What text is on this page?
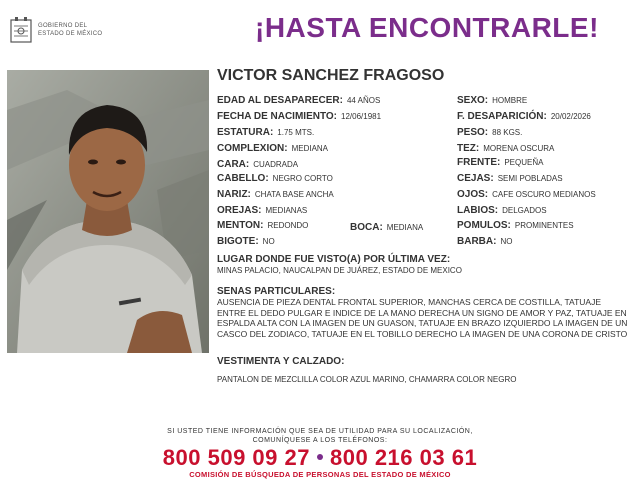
GOBIERNO DEL
ESTADO DE MÉXICO	¡HASTA ENCONTRARLE!
VICTOR SANCHEZ FRAGOSO
EDAD AL DESAPARECER: 44 AÑOS
FECHA DE NACIMIENTO: 12/06/1981
ESTATURA: 1.75 MTS.
COMPLEXION: MEDIANA
CARA: CUADRADA
CABELLO: NEGRO CORTO
NARIZ: CHATA BASE ANCHA
OREJAS: MEDIANAS
MENTON: REDONDO	BOCA: MEDIANA
BIGOTE: NO
SEXO: HOMBRE
F. DESAPARICIÓN: 20/02/2026
PESO: 88 KGS.
TEZ: MORENA OSCURA
FRENTE: PEQUEÑA
CEJAS: SEMI POBLADAS
OJOS: CAFE OSCURO MEDIANOS
LABIOS: DELGADOS
POMULOS: PROMINENTES
BARBA: NO
LUGAR DONDE FUE VISTO(A) POR ÚLTIMA VEZ:
MINAS PALACIO, NAUCALPAN DE JUÁREZ, ESTADO DE MEXICO
SENAS PARTICULARES:
AUSENCIA DE PIEZA DENTAL FRONTAL SUPERIOR, MANCHAS CERCA DE COSTILLA, TATUAJE ENTRE EL DEDO PULGAR E INDICE DE LA MANO DERECHA UN SIGNO DE AMOR Y PAZ, TATUAJE EN ESPALDA ALTA CON LA IMAGEN DE UN GUASON, TATUAJE EN BRAZO IZQUIERDO LA IMAGEN DE UN CASCO DEL ZODIACO, TATUAJE EN EL TOBILLO DERECHO LA IMAGEN DE UNA CORONA DE CRISTO
VESTIMENTA Y CALZADO:
PANTALON DE MEZCLILLA COLOR AZUL MARINO, CHAMARRA COLOR NEGRO
SI USTED TIENE INFORMACIÓN QUE SEA DE UTILIDAD PARA SU LOCALIZACIÓN,
COMUNÍQUESE A LOS TELÉFONOS:
800 509 09 27 800 216 03 61
COMISIÓN DE BÚSQUEDA DE PERSONAS DEL ESTADO DE MÉXICO
